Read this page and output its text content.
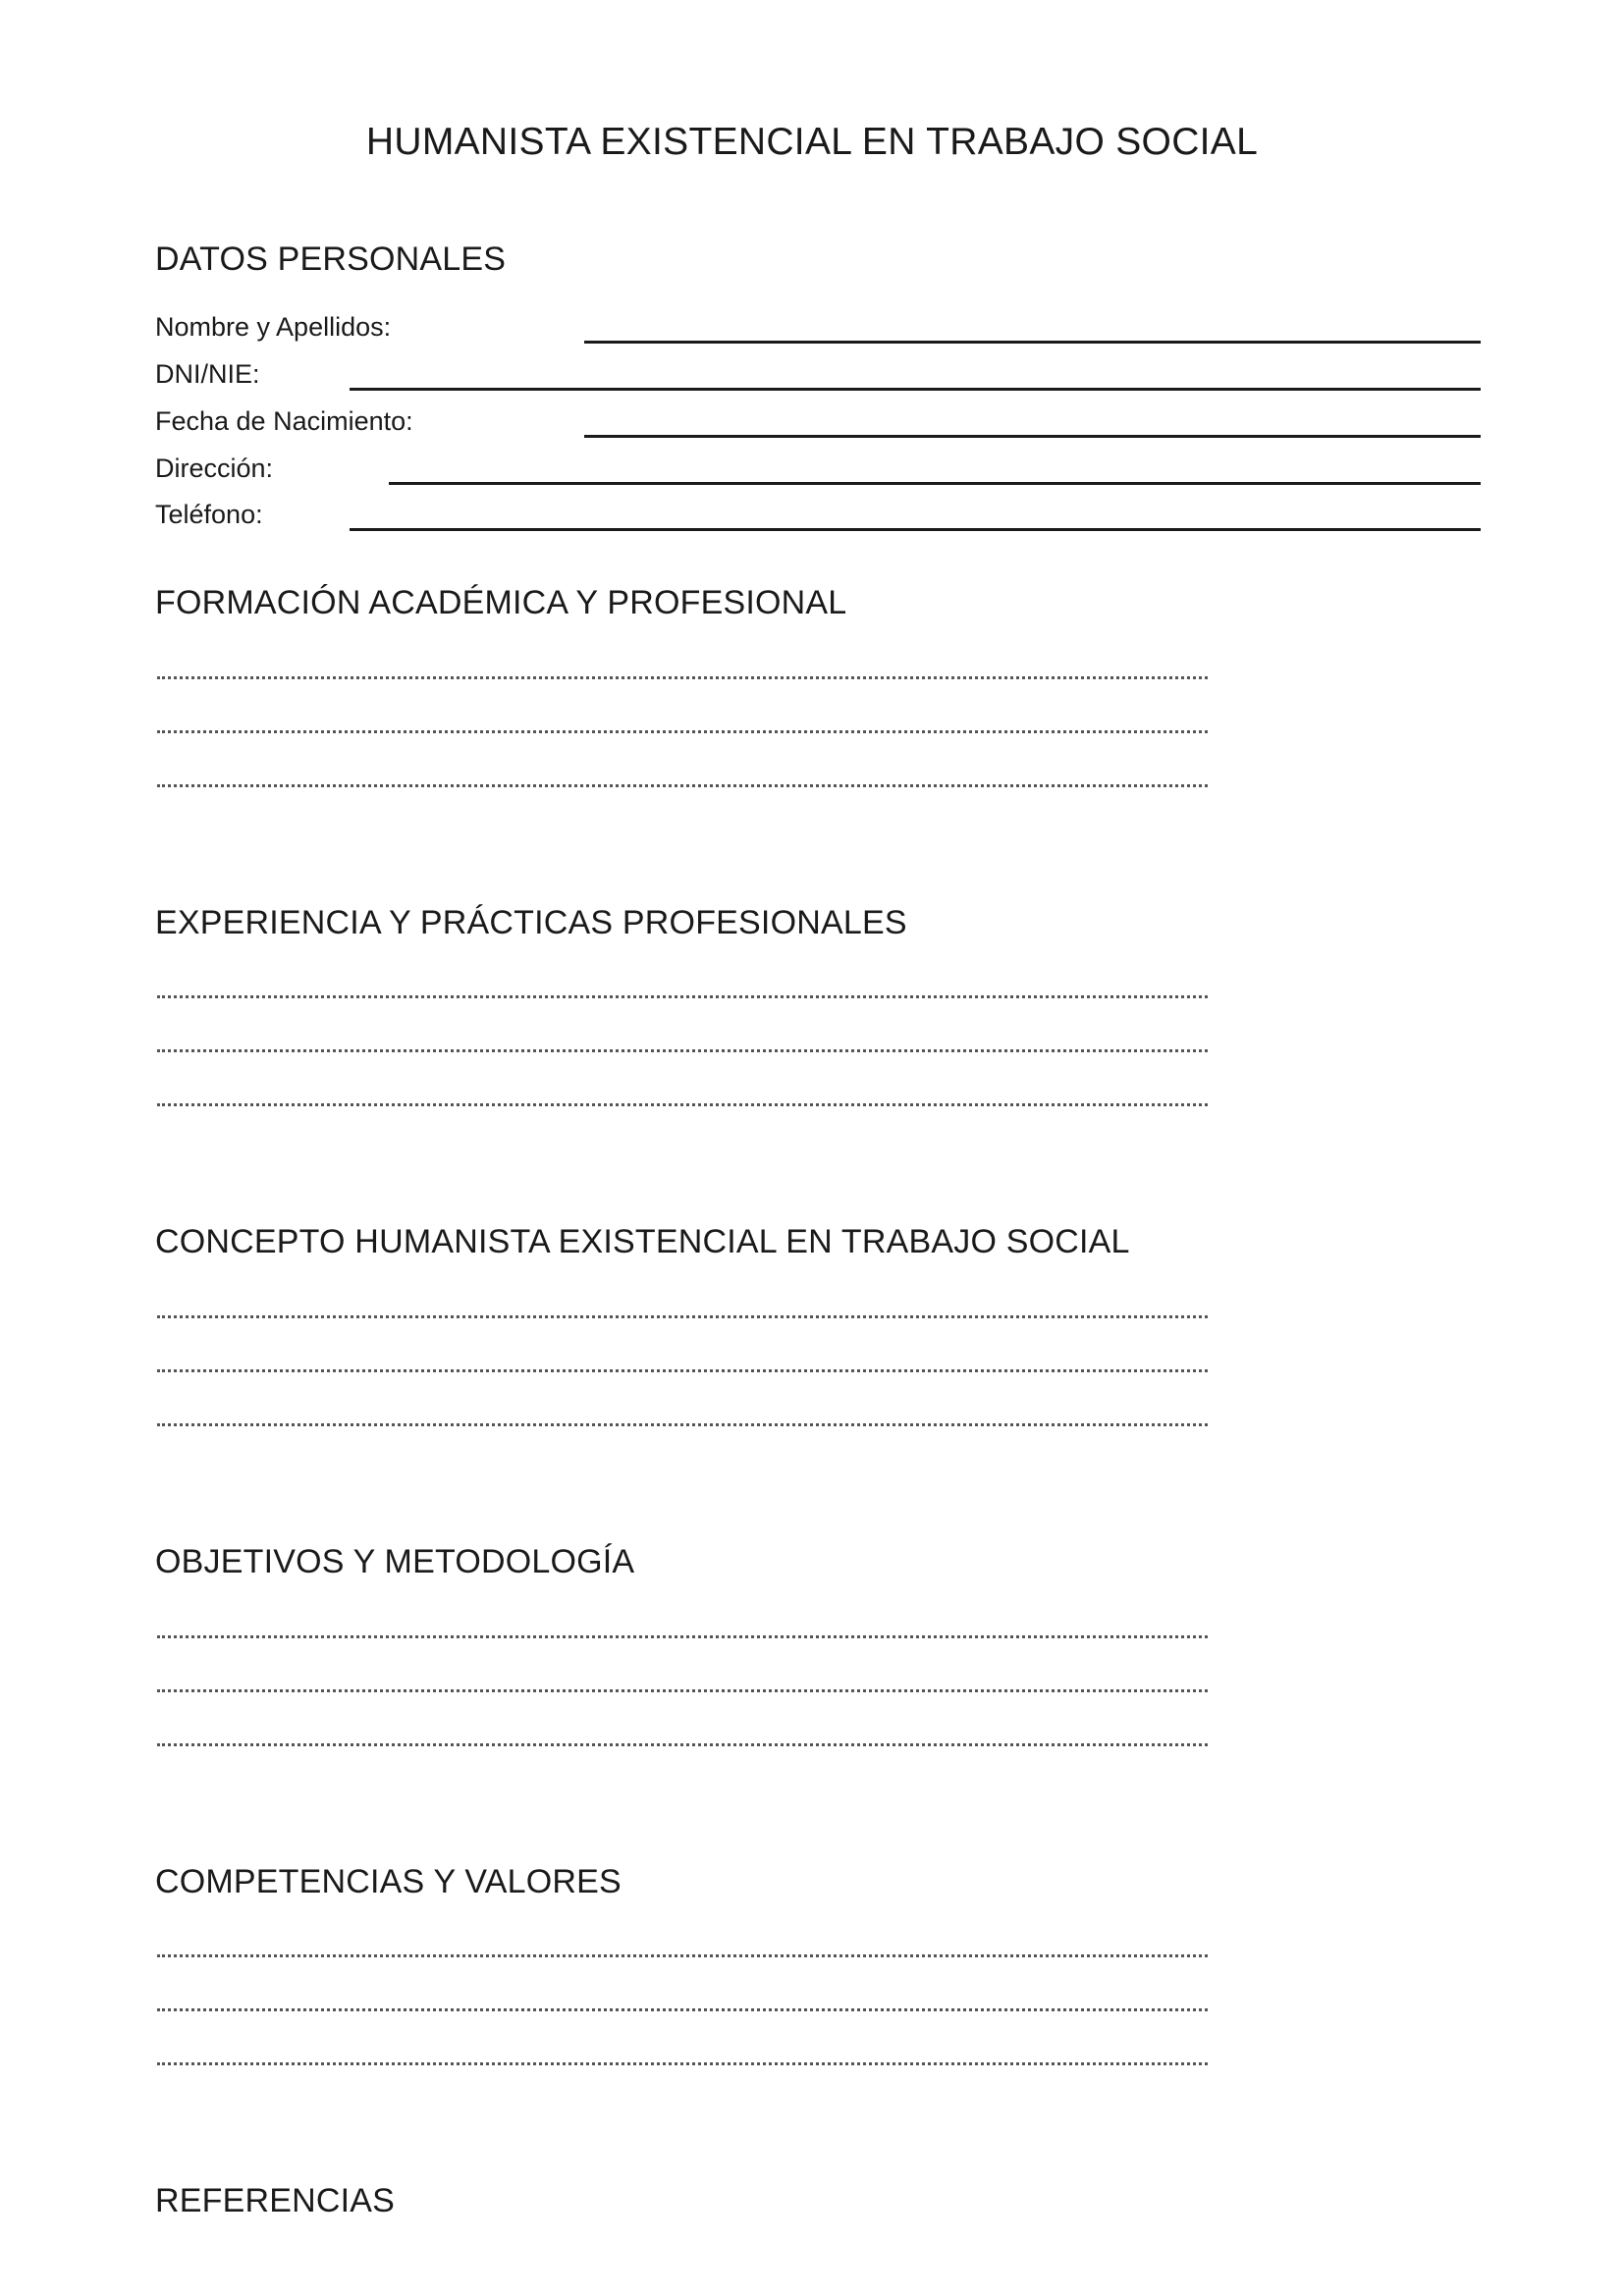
HUMANISTA EXISTENCIAL EN TRABAJO SOCIAL
DATOS PERSONALES
Nombre y Apellidos:
DNI/NIE:
Fecha de Nacimiento:
Dirección:
Teléfono:
FORMACIÓN ACADÉMICA Y PROFESIONAL
EXPERIENCIA Y PRÁCTICAS PROFESIONALES
CONCEPTO HUMANISTA EXISTENCIAL EN TRABAJO SOCIAL
OBJETIVOS Y METODOLOGÍA
COMPETENCIAS Y VALORES
REFERENCIAS
